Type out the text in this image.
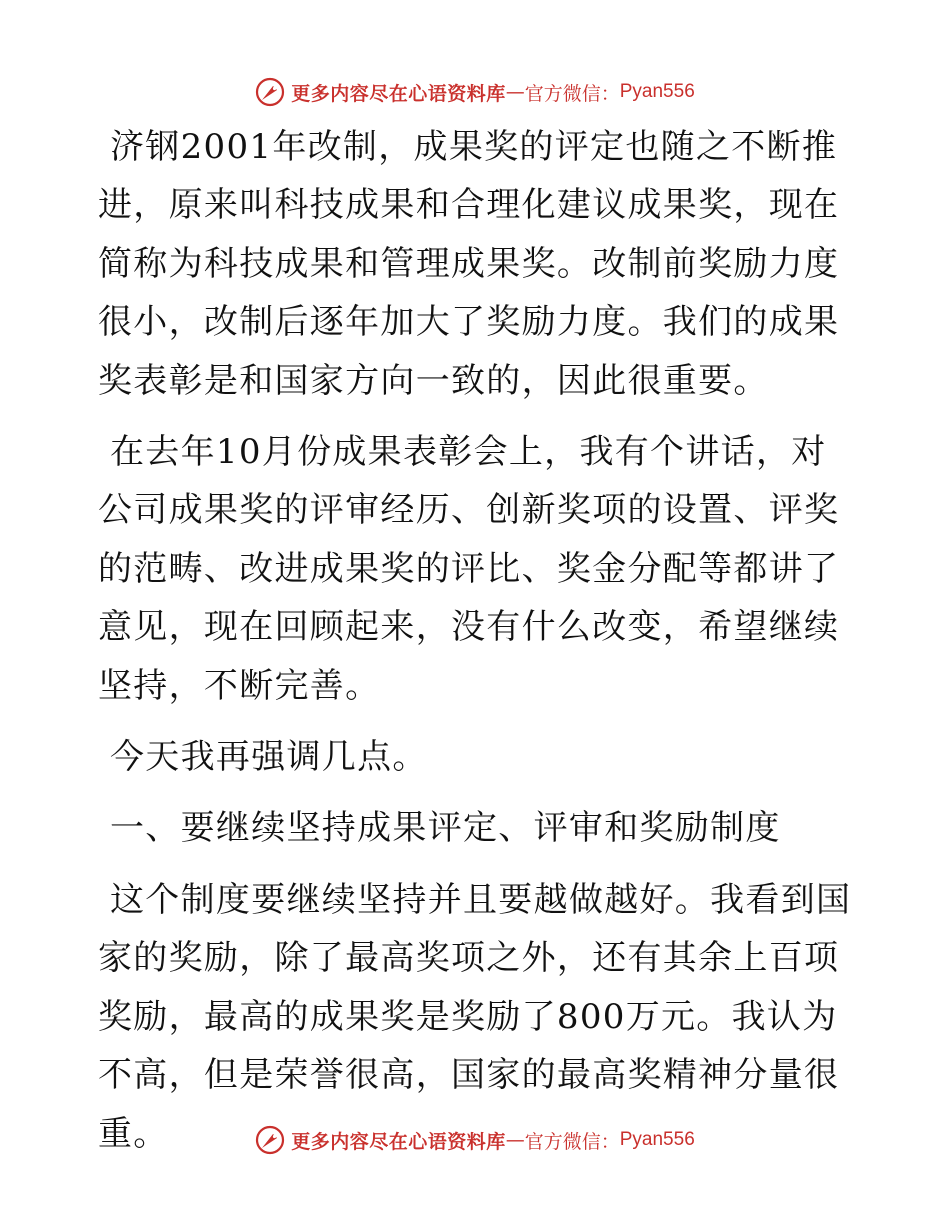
更多内容尽在心语资料库 — 官方微信： Pyan556

济钢2001年改制，成果奖的评定也随之不断推进，原来叫科技成果和合理化建议成果奖，现在简称为科技成果和管理成果奖。改制前奖励力度很小，改制后逐年加大了奖励力度。我们的成果奖表彰是和国家方向一致的，因此很重要。

在去年10月份成果表彰会上，我有个讲话，对公司成果奖的评审经历、创新奖项的设置、评奖的范畴、改进成果奖的评比、奖金分配等都讲了意见，现在回顾起来，没有什么改变，希望继续坚持，不断完善。

今天我再强调几点。

一、要继续坚持成果评定、评审和奖励制度

这个制度要继续坚持并且要越做越好。我看到国家的奖励，除了最高奖项之外，还有其余上百项奖励，最高的成果奖是奖励了800万元。我认为不高，但是荣誉很高，国家的最高奖精神分量很重。	更多内容尽在心语资料库 — 官方微信： Pyan556
